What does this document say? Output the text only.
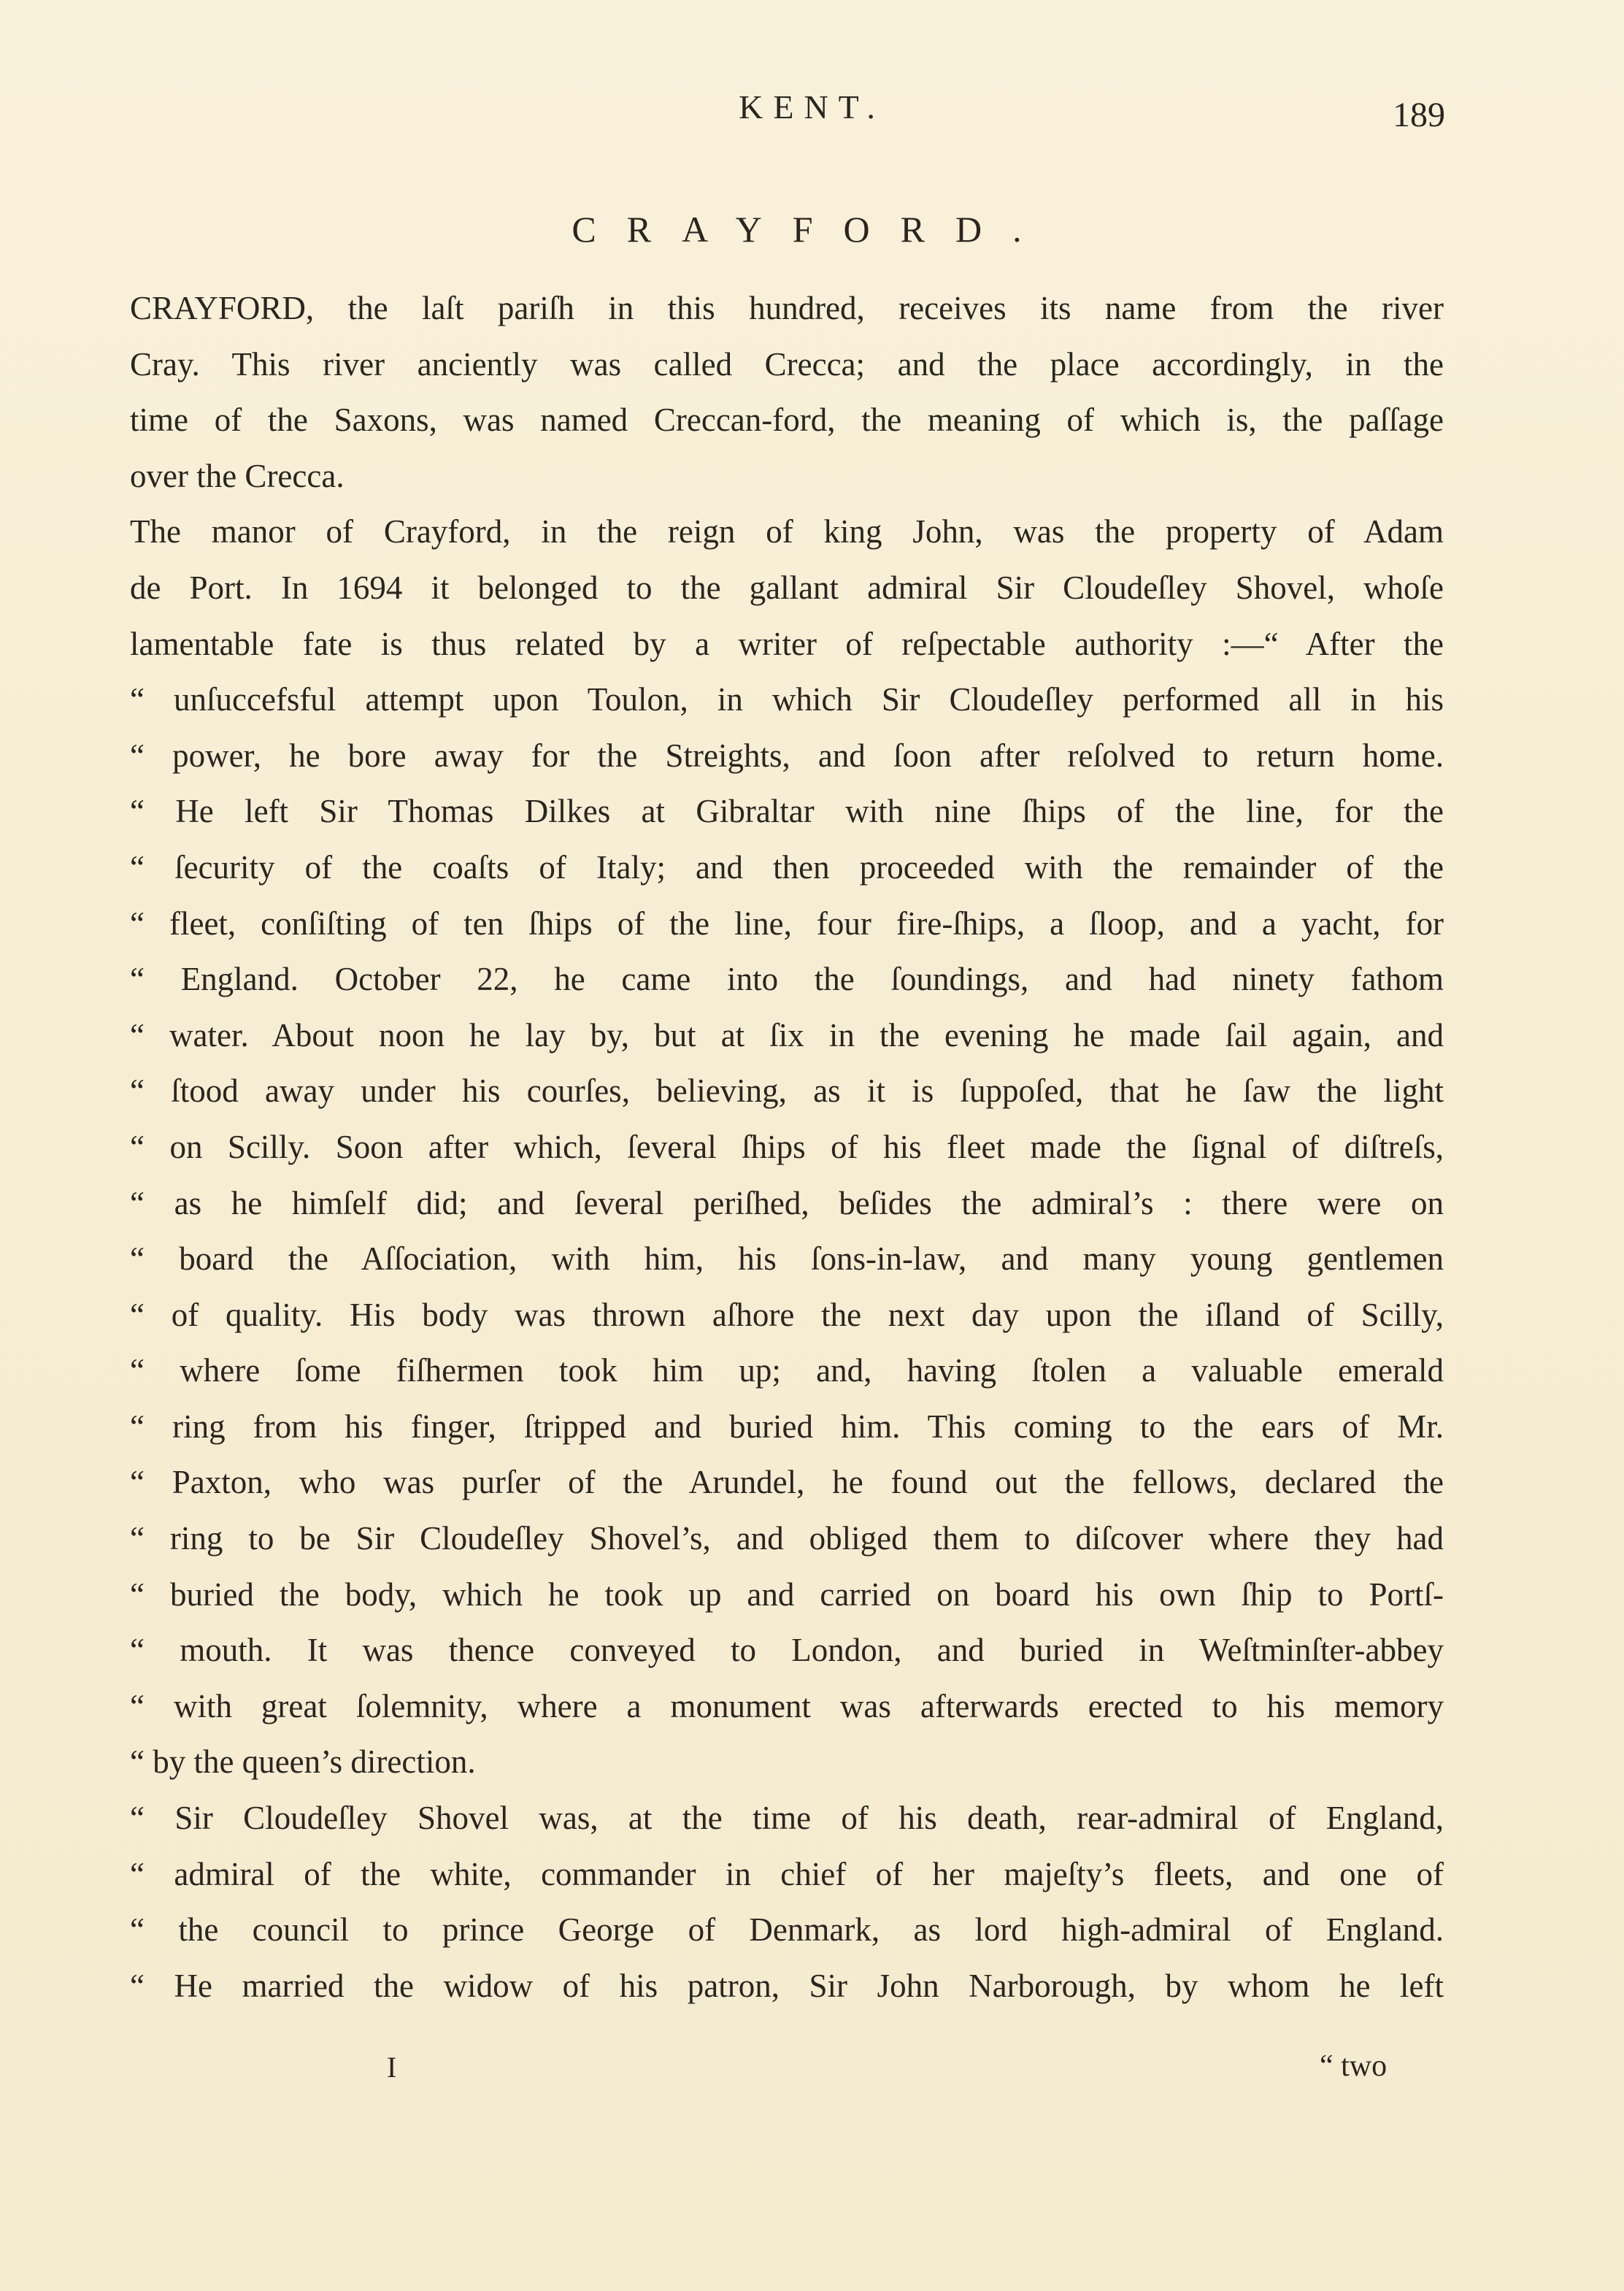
KENT.	189
CRAYFORD.
CRAYFORD, the laſt pariſh in this hundred, receives its name from the river
Cray. This river anciently was called Crecca; and the place accordingly, in the
time of the Saxons, was named Creccan-ford, the meaning of which is, the paſſage
over the Crecca.
The manor of Crayford, in the reign of king John, was the property of Adam
de Port. In 1694 it belonged to the gallant admiral Sir Cloudeſley Shovel, whoſe
lamentable fate is thus related by a writer of reſpectable authority :—“ After the
“ unſuccefsful attempt upon Toulon, in which Sir Cloudeſley performed all in his
“ power, he bore away for the Streights, and ſoon after reſolved to return home.
“ He left Sir Thomas Dilkes at Gibraltar with nine ſhips of the line, for the
“ ſecurity of the coaſts of Italy; and then proceeded with the remainder of the
“ fleet, conſiſting of ten ſhips of the line, four fire-ſhips, a ſloop, and a yacht, for
“ England. October 22, he came into the ſoundings, and had ninety fathom
“ water. About noon he lay by, but at ſix in the evening he made ſail again, and
“ ſtood away under his courſes, believing, as it is ſuppoſed, that he ſaw the light
“ on Scilly. Soon after which, ſeveral ſhips of his fleet made the ſignal of diſtreſs,
“ as he himſelf did; and ſeveral periſhed, beſides the admiral’s : there were on
“ board the Aſſociation, with him, his ſons-in-law, and many young gentlemen
“ of quality. His body was thrown aſhore the next day upon the iſland of Scilly,
“ where ſome fiſhermen took him up; and, having ſtolen a valuable emerald
“ ring from his finger, ſtripped and buried him. This coming to the ears of Mr.
“ Paxton, who was purſer of the Arundel, he found out the fellows, declared the
“ ring to be Sir Cloudeſley Shovel’s, and obliged them to diſcover where they had
“ buried the body, which he took up and carried on board his own ſhip to Portſ-
“ mouth. It was thence conveyed to London, and buried in Weſtminſter-abbey
“ with great ſolemnity, where a monument was afterwards erected to his memory
“ by the queen’s direction.
“ Sir Cloudeſley Shovel was, at the time of his death, rear-admiral of England,
“ admiral of the white, commander in chief of her majeſty’s fleets, and one of
“ the council to prince George of Denmark, as lord high-admiral of England.
“ He married the widow of his patron, Sir John Narborough, by whom he left
I	“ two
